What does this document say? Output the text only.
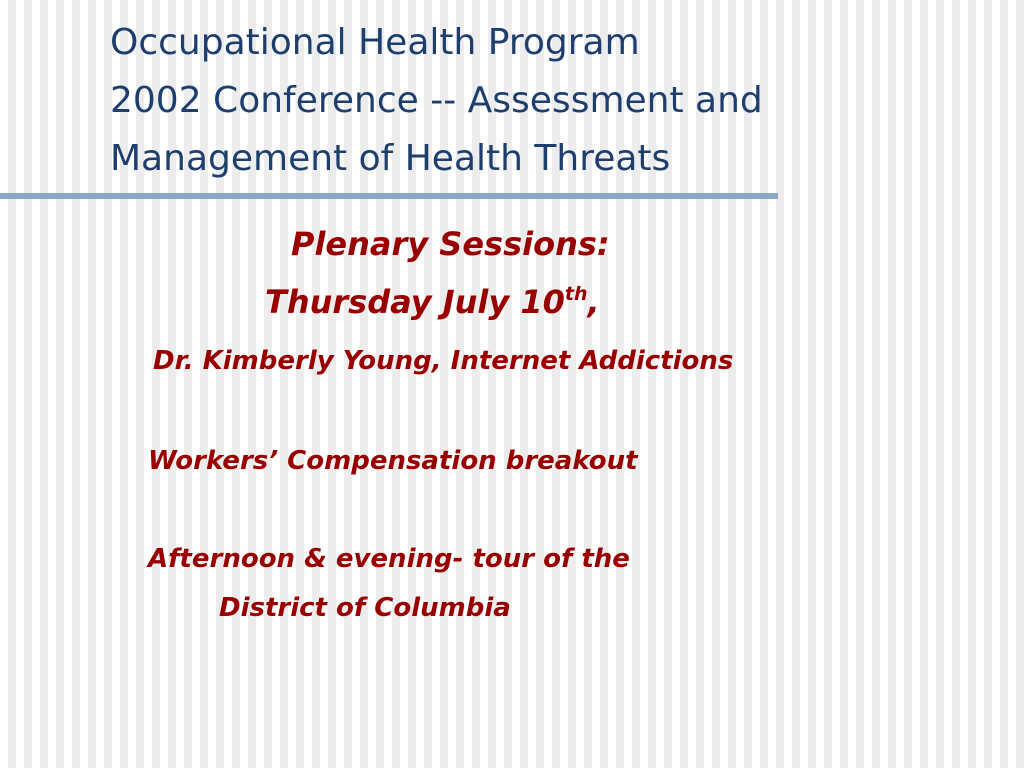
Occupational Health Program
2002 Conference -- Assessment and
Management of Health Threats

Plenary Sessions:

Thursday July 10th,

Dr. Kimberly Young, Internet Addictions

Workers’ Compensation breakout

Afternoon & evening- tour of the

District of Columbia
